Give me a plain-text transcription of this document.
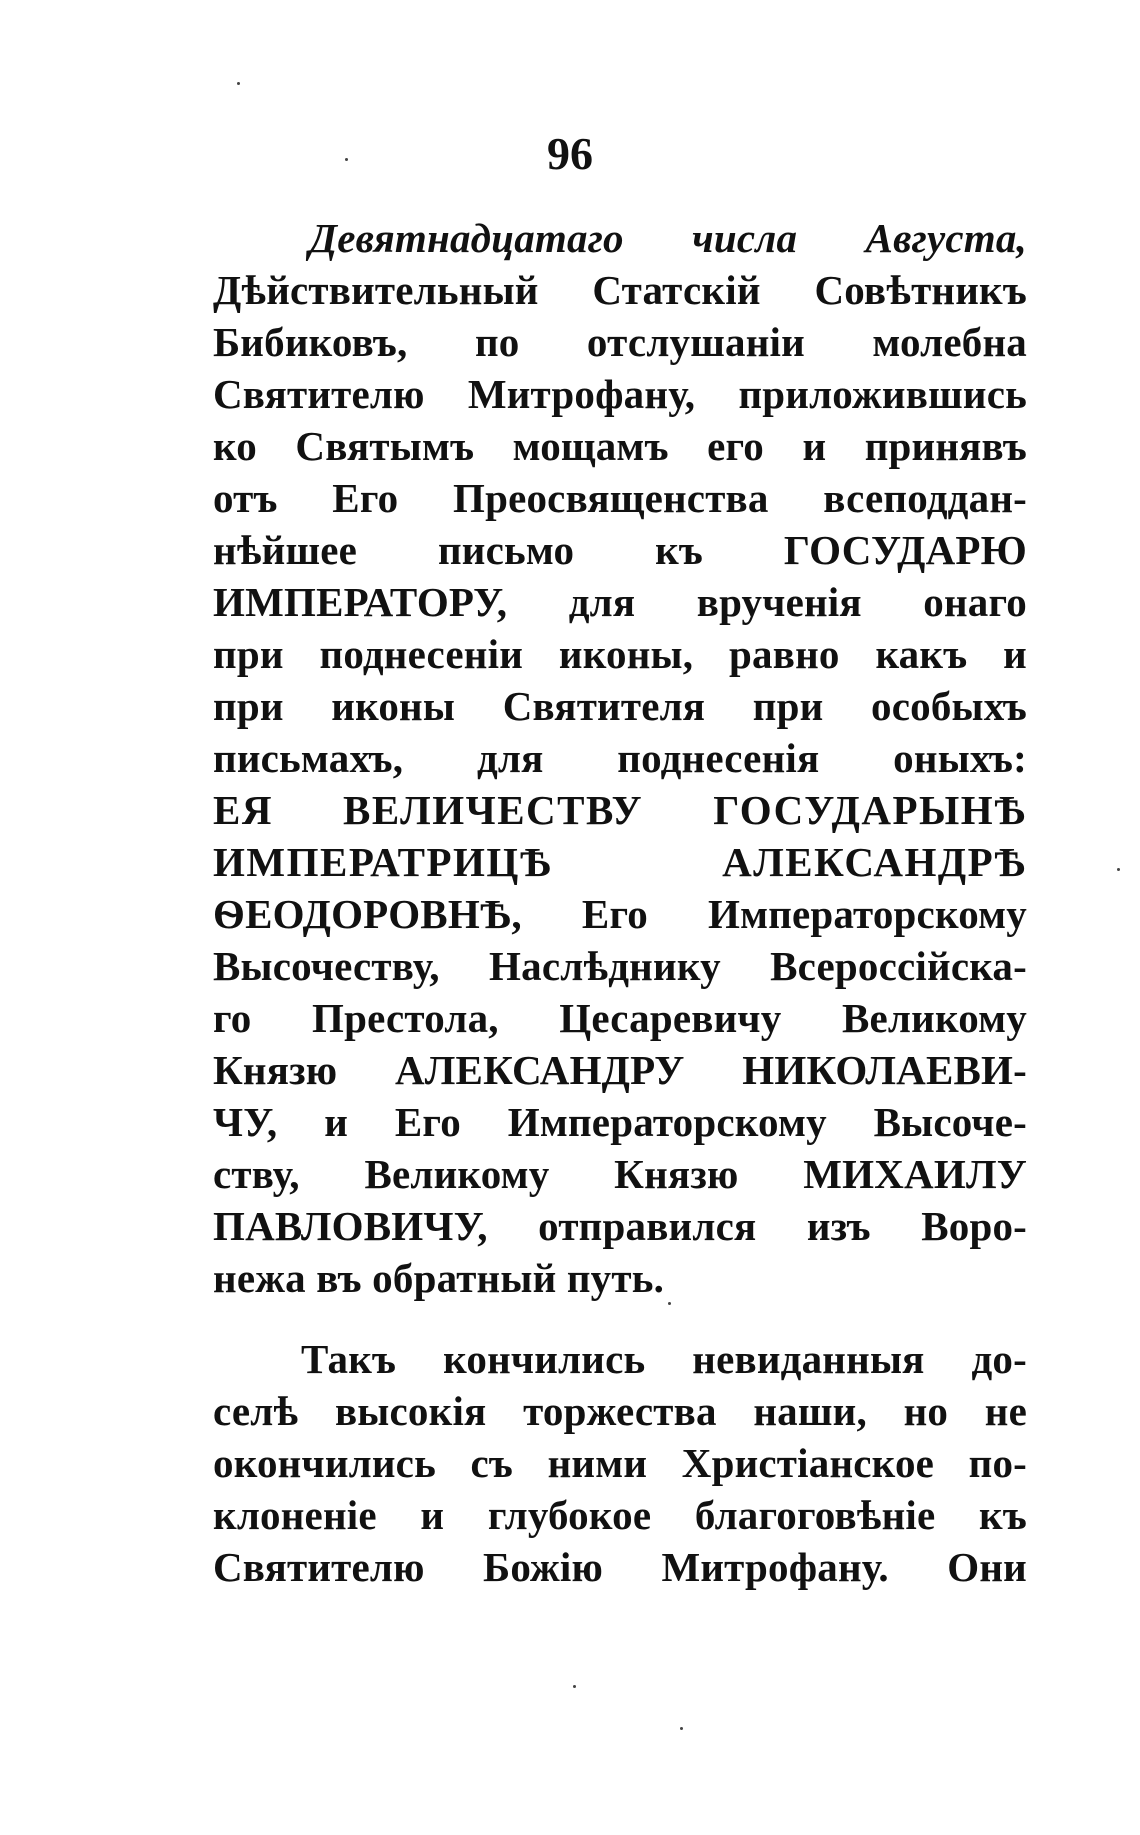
96
Девятнадцатаго числа Августа,
Дѣйствительный Статскій Совѣтникъ
Бибиковъ, по отслушаніи молебна
Святителю Митрофану, приложившись
ко Святымъ мощамъ его и принявъ
отъ Его Преосвященства всеподдан-
нѣйшее письмо къ ГОСУДАРЮ
ИМПЕРАТОРУ, для врученія онаго
при поднесеніи иконы, равно какъ и
при иконы Святителя при особыхъ
письмахъ, для поднесенія оныхъ:
ЕЯ ВЕЛИЧЕСТВУ ГОСУДАРЫНѢ
ИМПЕРАТРИЦѢ АЛЕКСАНДРѢ
ѲЕОДОРОВНѢ, Его Императорскому
Высочеству, Наслѣднику Всероссійска-
го Престола, Цесаревичу Великому
Князю АЛЕКСАНДРУ НИКОЛАЕВИ-
ЧУ, и Его Императорскому Высоче-
ству, Великому Князю МИХАИЛУ
ПАВЛОВИЧУ, отправился изъ Воро-
нежа въ обратный путь.
Такъ кончились невиданныя до-
селѣ высокія торжества наши, но не
окончились съ ними Христіанское по-
клоненіе и глубокое благоговѣніе къ
Святителю Божію Митрофану. Они
